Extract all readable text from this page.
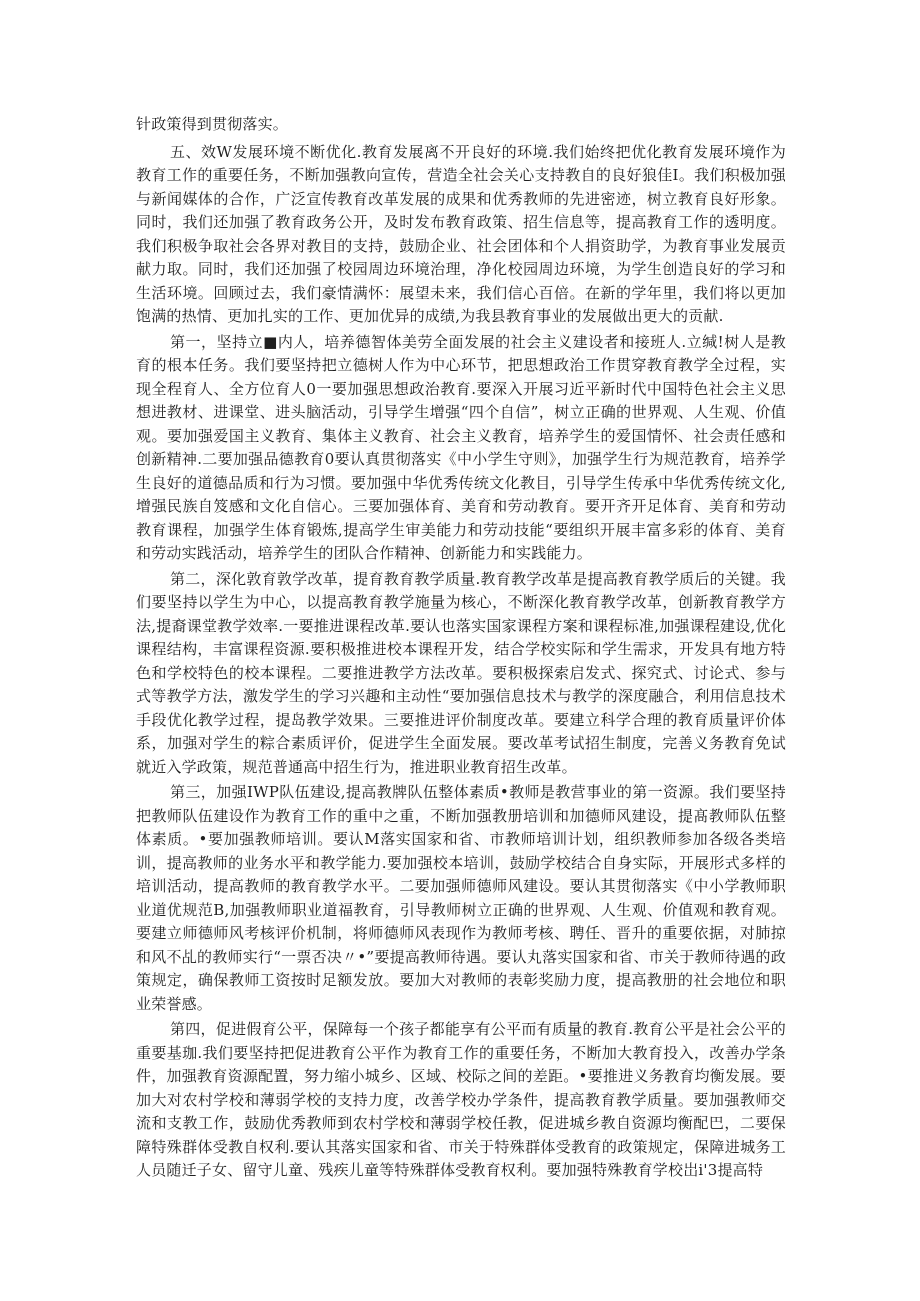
针政策得到贯彻落实。

五、效W发展环境不断优化.教育发展离不开良好的环境.我们始终把优化教育发展环境作为教育工作的重要任务，不断加强教向宣传，营造全社会关心支持教自的良好狼佳I。我们积极加强与新闻媒体的合作，广泛宣传教育改革发展的成果和优秀教师的先进密迹，树立教育良好形象。同时，我们还加强了教育政务公开，及时发布教育政策、招生信息等，提高教育工作的透明度。我们积极争取社会各界对教目的支持，鼓励企业、社会团体和个人捐资助学，为教育事业发展贡献力取。同时，我们还加强了校园周边环境治理，净化校园周边环境，为学生创造良好的学习和生活环境。回顾过去，我们豪情满怀：展望未来，我们信心百倍。在新的学年里，我们将以更加饱满的热情、更加扎实的工作、更加优异的成绩,为我县教育事业的发展做出更大的贡献.

第一，坚持立■内人，培养德智体美劳全面发展的社会主义建设者和接班人.立缄!树人是教育的根本任务。我们要坚持把立德树人作为中心环节，把思想政治工作贯穿教育教学全过程，实现全程育人、全方位育人0一要加强思想政治教育.要深入开展习近平新时代中国特色社会主义思想进教材、进课堂、进头脑活动，引导学生增强“四个自信”，树立正确的世界观、人生观、价值观。要加强爱国主义教育、集体主义教育、社会主义教育，培养学生的爱国情怀、社会责任感和创新精神.二要加强品德教育0要认真贯彻落实《中小学生守则》，加强学生行为规范教育，培养学生良好的道德品质和行为习惯。要加强中华优秀传统文化教目，引导学生传承中华优秀传统文化,增强民族自笈感和文化自信心。三要加强体育、美育和劳动教育。要开齐开足体育、美育和劳动教育课程，加强学生体育锻炼,提高学生审美能力和劳动技能“要组织开展丰富多彩的体育、美育和劳动实践活动，培养学生的团队合作精神、创新能力和实践能力。

第二，深化敦育敦学改革，提育教育教学质量.教育教学改革是提高教育教学质后的关键。我们要坚持以学生为中心，以提高教育教学施量为核心，不断深化教育教学改革，创新教育教学方法,提裔课堂教学效率.一要推进课程改革.要认也落实国家课程方案和课程标准,加强课程建设,优化课程结构，丰富课程资源.要积极推进校本课程开发，结合学校实际和学生需求，开发具有地方特色和学校特色的校本课程。二要推进教学方法改革。要积极探索启发式、探究式、讨论式、参与式等教学方法，激发学生的学习兴趣和主动性“要加强信息技术与教学的深度融合，利用信息技术手段优化教学过程，提岛教学效果。三要推进评价制度改革。要建立科学合理的教育质量评价体系，加强对学生的粽合素质评价，促进学生全面发展。要改革考试招生制度，完善义务教育免试就近入学政策，规范普通高中招生行为，推进职业教育招生改革。

第三，加强IWP队伍建设,提高教牌队伍整体素质•教师是教营事业的第一资源。我们要坚持把教师队伍建设作为教育工作的重中之重，不断加强教册培训和加德师风建设，提髙教师队伍整体素质。•要加强教师培训。要认M落实国家和省、市教师培训计划，组织教师参加各级各类培训，提高教师的业务水平和教学能力.要加强校本培训，鼓励学校结合自身实际，开展形式多样的培训活动，提高教师的教育教学水平。二要加强师德师风建设。要认其贯彻落实《中小学教师职业道优规范B,加强教师职业道福教育，引导教师树立正确的世界观、人生观、价值观和教育观。要建立师德师风考核评价机制，将师德师风表现作为教师考核、聘任、晋升的重要依据，对肺掠和风不乩的教师实行“一票否决〃•”要提高教师待遇。要认丸落实国家和省、市关于教师待遇的政策规定，确保教师工资按时足额发放。要加大对教师的表彰奖励力度，提高教册的社会地位和职业荣誉感。

第四，促进假育公平，保障每一个孩子都能享有公平而有质量的教育.教育公平是社会公平的重要基珈.我们要坚持把促进教育公平作为教育工作的重要任务，不断加大教育投入，改善办学条件，加强教育资源配置，努力缩小城乡、区域、校际之间的差距。•要推进义务教育均衡发展。要加大对农村学校和薄弱学校的支持力度，改善学校办学条件，提高教育教学质量。要加强教师交流和支教工作，鼓励优秀教师到农村学校和薄弱学校任教，促进城乡教自资源均衡配巴，二要保障特殊群体受教自权利.要认其落实国家和省、市关于特殊群体受教育的政策规定，保障进城务工人员随迁子女、留守儿童、残疾儿童等特殊群体受教育权利。要加强特殊教育学校岀i'3提高特
